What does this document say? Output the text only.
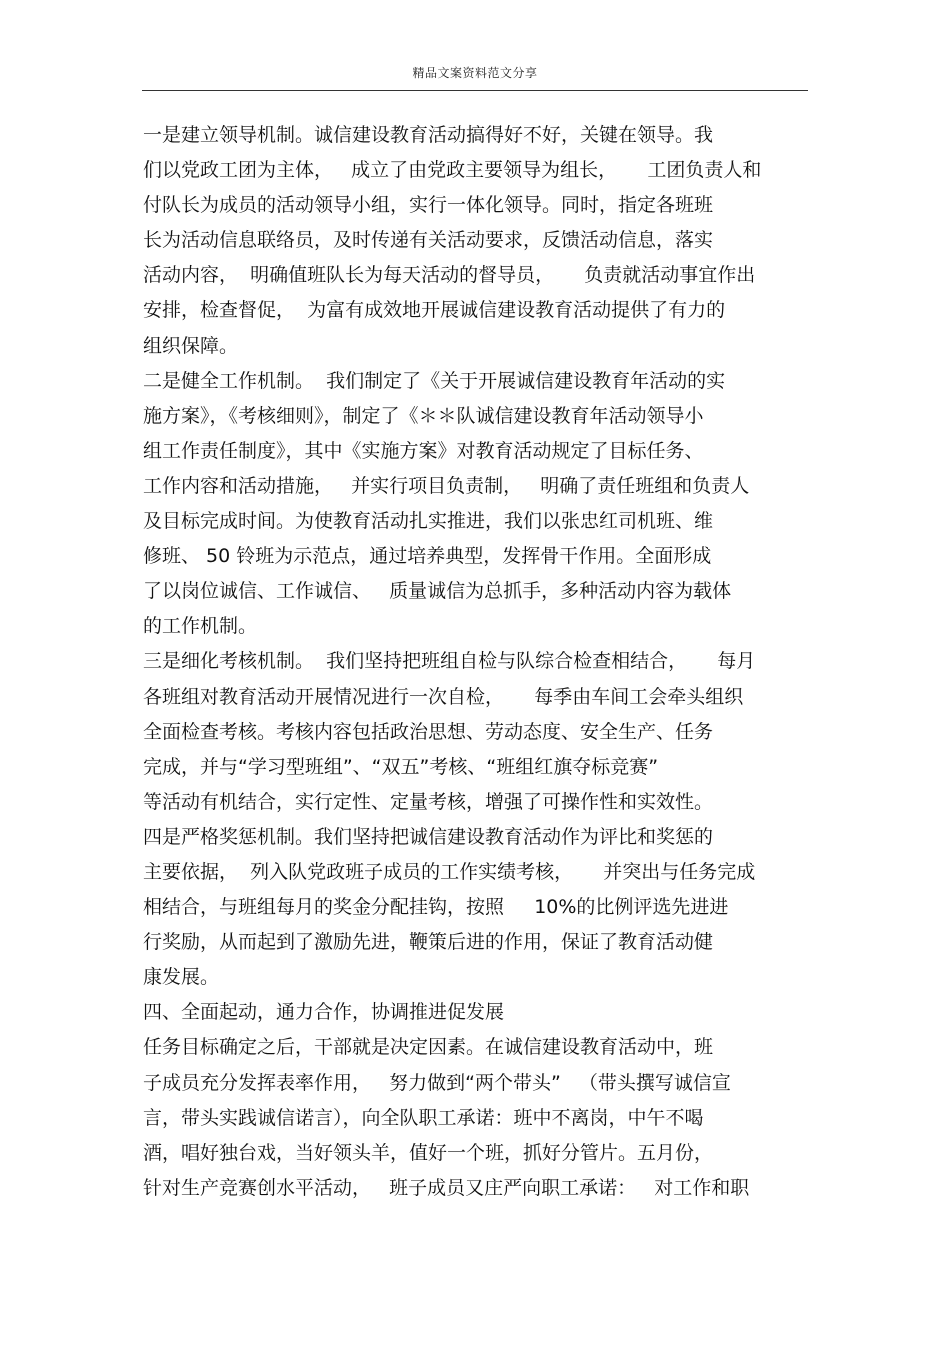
精品文案资料范文分享
一是建立领导机制。诚信建设教育活动搞得好不好，关键在领导。我
们以党政工团为主体，   成立了由党政主要领导为组长，     工团负责人和
付队长为成员的活动领导小组，实行一体化领导。同时，指定各班班
长为活动信息联络员，及时传递有关活动要求，反馈活动信息，落实
活动内容，  明确值班队长为每天活动的督导员，     负责就活动事宜作出
安排，检查督促，  为富有成效地开展诚信建设教育活动提供了有力的
组织保障。
二是健全工作机制。  我们制定了《关于开展诚信建设教育年活动的实
施方案》，《考核细则》，制定了《＊＊队诚信建设教育年活动领导小
组工作责任制度》，其中《实施方案》对教育活动规定了目标任务、
工作内容和活动措施，   并实行项目负责制，   明确了责任班组和负责人
及目标完成时间。为使教育活动扎实推进，我们以张忠红司机班、维
修班、 50 铃班为示范点，通过培养典型，发挥骨干作用。全面形成
了以岗位诚信、工作诚信、   质量诚信为总抓手，多种活动内容为载体
的工作机制。
三是细化考核机制。  我们坚持把班组自检与队综合检查相结合，     每月
各班组对教育活动开展情况进行一次自检，     每季由车间工会牵头组织
全面检查考核。考核内容包括政治思想、劳动态度、安全生产、任务
完成，并与“学习型班组”、“双五”考核、“班组红旗夺标竞赛”
等活动有机结合，实行定性、定量考核，增强了可操作性和实效性。
四是严格奖惩机制。我们坚持把诚信建设教育活动作为评比和奖惩的
主要依据，  列入队党政班子成员的工作实绩考核，     并突出与任务完成
相结合，与班组每月的奖金分配挂钩，按照     10%的比例评选先进进
行奖励，从而起到了激励先进，鞭策后进的作用，保证了教育活动健
康发展。
四、全面起动，通力合作，协调推进促发展
任务目标确定之后，干部就是决定因素。在诚信建设教育活动中，班
子成员充分发挥表率作用，   努力做到“两个带头”   （带头撰写诚信宣
言，带头实践诚信诺言），向全队职工承诺：班中不离岗，中午不喝
酒，唱好独台戏，当好领头羊，值好一个班，抓好分管片。五月份，
针对生产竞赛创水平活动，   班子成员又庄严向职工承诺：   对工作和职
